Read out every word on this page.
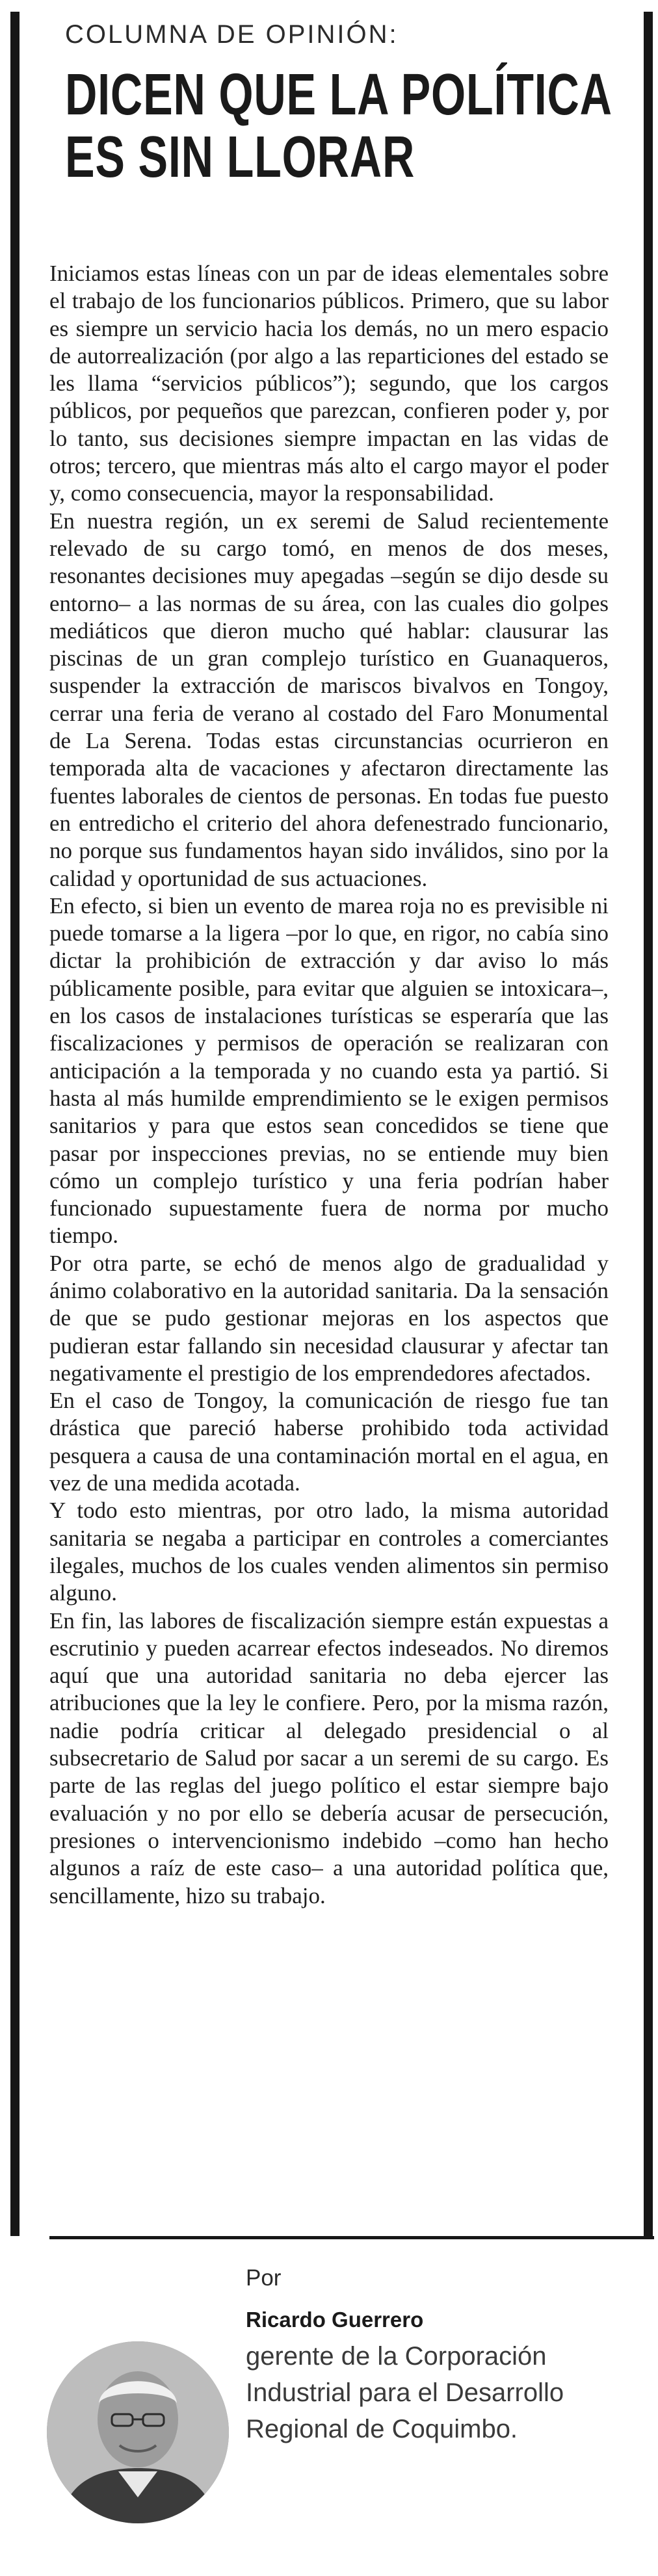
COLUMNA DE OPINIÓN:
DICEN QUE LA POLÍTICA ES SIN LLORAR

Iniciamos estas líneas con un par de ideas elementales sobre el trabajo de los funcionarios públicos. Primero, que su labor es siempre un servicio hacia los demás, no un mero espacio de autorrealización (por algo a las reparticiones del estado se les llama “servicios públicos”); segundo, que los cargos públicos, por pequeños que parezcan, confieren poder y, por lo tanto, sus decisiones siempre impactan en las vidas de otros; tercero, que mientras más alto el cargo mayor el poder y, como consecuencia, mayor la responsabilidad.

En nuestra región, un ex seremi de Salud recientemente relevado de su cargo tomó, en menos de dos meses, resonantes decisiones muy apegadas –según se dijo desde su entorno– a las normas de su área, con las cuales dio golpes mediáticos que dieron mucho qué hablar: clausurar las piscinas de un gran complejo turístico en Guanaqueros, suspender la extracción de mariscos bivalvos en Tongoy, cerrar una feria de verano al costado del Faro Monumental de La Serena. Todas estas circunstancias ocurrieron en temporada alta de vacaciones y afectaron directamente las fuentes laborales de cientos de personas. En todas fue puesto en entredicho el criterio del ahora defenestrado funcionario, no porque sus fundamentos hayan sido inválidos, sino por la calidad y oportunidad de sus actuaciones.

En efecto, si bien un evento de marea roja no es previsible ni puede tomarse a la ligera –por lo que, en rigor, no cabía sino dictar la prohibición de extracción y dar aviso lo más públicamente posible, para evitar que alguien se intoxicara–, en los casos de instalaciones turísticas se esperaría que las fiscalizaciones y permisos de operación se realizaran con anticipación a la temporada y no cuando esta ya partió. Si hasta al más humilde emprendimiento se le exigen permisos sanitarios y para que estos sean concedidos se tiene que pasar por inspecciones previas, no se entiende muy bien cómo un complejo turístico y una feria podrían haber funcionado supuestamente fuera de norma por mucho tiempo.

Por otra parte, se echó de menos algo de gradualidad y ánimo colaborativo en la autoridad sanitaria. Da la sensación de que se pudo gestionar mejoras en los aspectos que pudieran estar fallando sin necesidad clausurar y afectar tan negativamente el prestigio de los emprendedores afectados.

En el caso de Tongoy, la comunicación de riesgo fue tan drástica que pareció haberse prohibido toda actividad pesquera a causa de una contaminación mortal en el agua, en vez de una medida acotada.

Y todo esto mientras, por otro lado, la misma autoridad sanitaria se negaba a participar en controles a comerciantes ilegales, muchos de los cuales venden alimentos sin permiso alguno.

En fin, las labores de fiscalización siempre están expuestas a escrutinio y pueden acarrear efectos indeseados. No diremos aquí que una autoridad sanitaria no deba ejercer las atribuciones que la ley le confiere. Pero, por la misma razón, nadie podría criticar al delegado presidencial o al subsecretario de Salud por sacar a un seremi de su cargo. Es parte de las reglas del juego político el estar siempre bajo evaluación y no por ello se debería acusar de persecución, presiones o intervencionismo indebido –como han hecho algunos a raíz de este caso– a una autoridad política que, sencillamente, hizo su trabajo.

Por
Ricardo Guerrero
gerente de la Corporación
Industrial para el Desarrollo
Regional de Coquimbo.
